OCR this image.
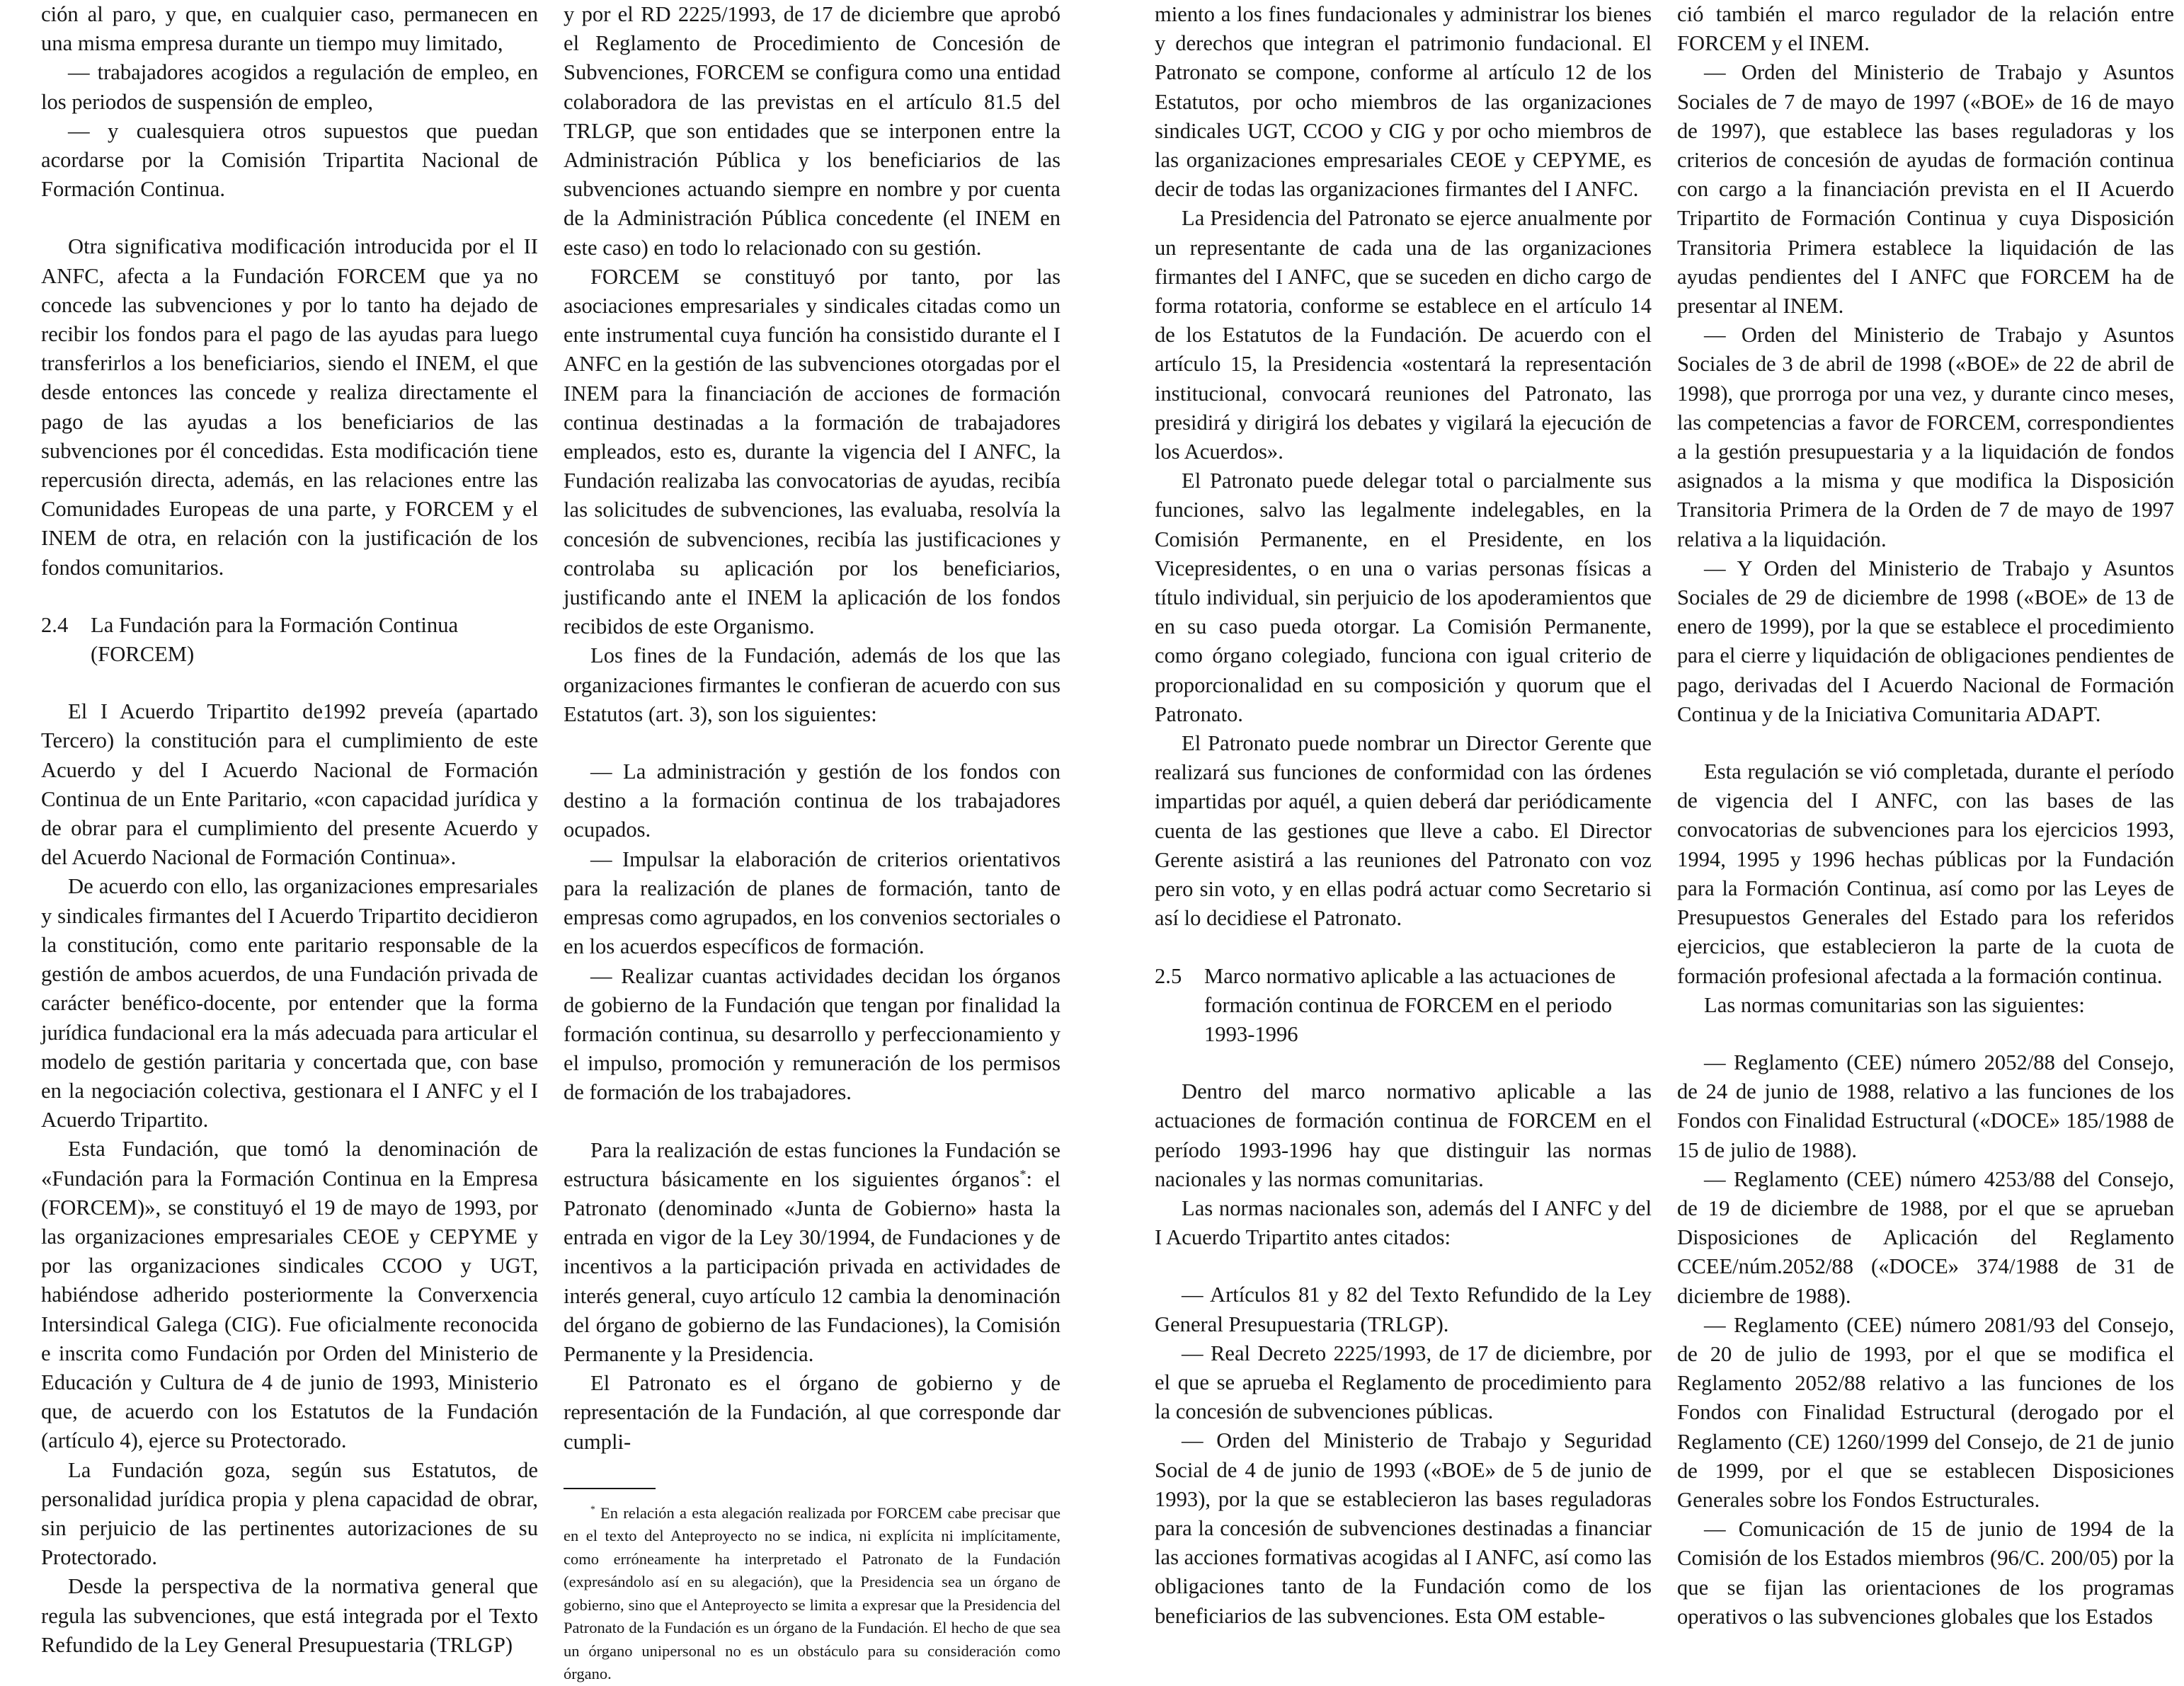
ción al paro, y que, en cualquier caso, permanecen en una misma empresa durante un tiempo muy limitado,

— trabajadores acogidos a regulación de empleo, en los periodos de suspensión de empleo,

— y cualesquiera otros supuestos que puedan acordarse por la Comisión Tripartita Nacional de Formación Continua.

Otra significativa modificación introducida por el II ANFC, afecta a la Fundación FORCEM que ya no concede las subvenciones y por lo tanto ha dejado de recibir los fondos para el pago de las ayudas para luego transferirlos a los beneficiarios, siendo el INEM, el que desde entonces las concede y realiza directamente el pago de las ayudas a los beneficiarios de las subvenciones por él concedidas. Esta modificación tiene repercusión directa, además, en las relaciones entre las Comunidades Europeas de una parte, y FORCEM y el INEM de otra, en relación con la justificación de los fondos comunitarios.

2.4	La Fundación para la Formación Continua (FORCEM)

El I Acuerdo Tripartito de1992 preveía (apartado Tercero) la constitución para el cumplimiento de este Acuerdo y del I Acuerdo Nacional de Formación Continua de un Ente Paritario, «con capacidad jurídica y de obrar para el cumplimiento del presente Acuerdo y del Acuerdo Nacional de Formación Continua».

De acuerdo con ello, las organizaciones empresariales y sindicales firmantes del I Acuerdo Tripartito decidieron la constitución, como ente paritario responsable de la gestión de ambos acuerdos, de una Fundación privada de carácter benéfico-docente, por entender que la forma jurídica fundacional era la más adecuada para articular el modelo de gestión paritaria y concertada que, con base en la negociación colectiva, gestionara el I ANFC y el I Acuerdo Tripartito.

Esta Fundación, que tomó la denominación de «Fundación para la Formación Continua en la Empresa (FORCEM)», se constituyó el 19 de mayo de 1993, por las organizaciones empresariales CEOE y CEPYME y por las organizaciones sindicales CCOO y UGT, habiéndose adherido posteriormente la Converxencia Intersindical Galega (CIG). Fue oficialmente reconocida e inscrita como Fundación por Orden del Ministerio de Educación y Cultura de 4 de junio de 1993, Ministerio que, de acuerdo con los Estatutos de la Fundación (artículo 4), ejerce su Protectorado.

La Fundación goza, según sus Estatutos, de personalidad jurídica propia y plena capacidad de obrar, sin perjuicio de las pertinentes autorizaciones de su Protectorado.

Desde la perspectiva de la normativa general que regula las subvenciones, que está integrada por el Texto Refundido de la Ley General Presupuestaria (TRLGP)

y por el RD 2225/1993, de 17 de diciembre que aprobó el Reglamento de Procedimiento de Concesión de Subvenciones, FORCEM se configura como una entidad colaboradora de las previstas en el artículo 81.5 del TRLGP, que son entidades que se interponen entre la Administración Pública y los beneficiarios de las subvenciones actuando siempre en nombre y por cuenta de la Administración Pública concedente (el INEM en este caso) en todo lo relacionado con su gestión.

FORCEM se constituyó por tanto, por las asociaciones empresariales y sindicales citadas como un ente instrumental cuya función ha consistido durante el I ANFC en la gestión de las subvenciones otorgadas por el INEM para la financiación de acciones de formación continua destinadas a la formación de trabajadores empleados, esto es, durante la vigencia del I ANFC, la Fundación realizaba las convocatorias de ayudas, recibía las solicitudes de subvenciones, las evaluaba, resolvía la concesión de subvenciones, recibía las justificaciones y controlaba su aplicación por los beneficiarios, justificando ante el INEM la aplicación de los fondos recibidos de este Organismo.

Los fines de la Fundación, además de los que las organizaciones firmantes le confieran de acuerdo con sus Estatutos (art. 3), son los siguientes:

— La administración y gestión de los fondos con destino a la formación continua de los trabajadores ocupados.

— Impulsar la elaboración de criterios orientativos para la realización de planes de formación, tanto de empresas como agrupados, en los convenios sectoriales o en los acuerdos específicos de formación.

— Realizar cuantas actividades decidan los órganos de gobierno de la Fundación que tengan por finalidad la formación continua, su desarrollo y perfeccionamiento y el impulso, promoción y remuneración de los permisos de formación de los trabajadores.

Para la realización de estas funciones la Fundación se estructura básicamente en los siguientes órganos*: el Patronato (denominado «Junta de Gobierno» hasta la entrada en vigor de la Ley 30/1994, de Fundaciones y de incentivos a la participación privada en actividades de interés general, cuyo artículo 12 cambia la denominación del órgano de gobierno de las Fundaciones), la Comisión Permanente y la Presidencia.

El Patronato es el órgano de gobierno y de representación de la Fundación, al que corresponde dar cumpli-

* En relación a esta alegación realizada por FORCEM cabe precisar que en el texto del Anteproyecto no se indica, ni explícita ni implícitamente, como erróneamente ha interpretado el Patronato de la Fundación (expresándolo así en su alegación), que la Presidencia sea un órgano de gobierno, sino que el Anteproyecto se limita a expresar que la Presidencia del Patronato de la Fundación es un órgano de la Fundación. El hecho de que sea un órgano unipersonal no es un obstáculo para su consideración como órgano.

miento a los fines fundacionales y administrar los bienes y derechos que integran el patrimonio fundacional. El Patronato se compone, conforme al artículo 12 de los Estatutos, por ocho miembros de las organizaciones sindicales UGT, CCOO y CIG y por ocho miembros de las organizaciones empresariales CEOE y CEPYME, es decir de todas las organizaciones firmantes del I ANFC.

La Presidencia del Patronato se ejerce anualmente por un representante de cada una de las organizaciones firmantes del I ANFC, que se suceden en dicho cargo de forma rotatoria, conforme se establece en el artículo 14 de los Estatutos de la Fundación. De acuerdo con el artículo 15, la Presidencia «ostentará la representación institucional, convocará reuniones del Patronato, las presidirá y dirigirá los debates y vigilará la ejecución de los Acuerdos».

El Patronato puede delegar total o parcialmente sus funciones, salvo las legalmente indelegables, en la Comisión Permanente, en el Presidente, en los Vicepresidentes, o en una o varias personas físicas a título individual, sin perjuicio de los apoderamientos que en su caso pueda otorgar. La Comisión Permanente, como órgano colegiado, funciona con igual criterio de proporcionalidad en su composición y quorum que el Patronato.

El Patronato puede nombrar un Director Gerente que realizará sus funciones de conformidad con las órdenes impartidas por aquél, a quien deberá dar periódicamente cuenta de las gestiones que lleve a cabo. El Director Gerente asistirá a las reuniones del Patronato con voz pero sin voto, y en ellas podrá actuar como Secretario si así lo decidiese el Patronato.

2.5	Marco normativo aplicable a las actuaciones de formación continua de FORCEM en el periodo 1993-1996

Dentro del marco normativo aplicable a las actuaciones de formación continua de FORCEM en el período 1993-1996 hay que distinguir las normas nacionales y las normas comunitarias.

Las normas nacionales son, además del I ANFC y del I Acuerdo Tripartito antes citados:

— Artículos 81 y 82 del Texto Refundido de la Ley General Presupuestaria (TRLGP).

— Real Decreto 2225/1993, de 17 de diciembre, por el que se aprueba el Reglamento de procedimiento para la concesión de subvenciones públicas.

— Orden del Ministerio de Trabajo y Seguridad Social de 4 de junio de 1993 («BOE» de 5 de junio de 1993), por la que se establecieron las bases reguladoras para la concesión de subvenciones destinadas a financiar las acciones formativas acogidas al I ANFC, así como las obligaciones tanto de la Fundación como de los beneficiarios de las subvenciones. Esta OM estable-

ció también el marco regulador de la relación entre FORCEM y el INEM.

— Orden del Ministerio de Trabajo y Asuntos Sociales de 7 de mayo de 1997 («BOE» de 16 de mayo de 1997), que establece las bases reguladoras y los criterios de concesión de ayudas de formación continua con cargo a la financiación prevista en el II Acuerdo Tripartito de Formación Continua y cuya Disposición Transitoria Primera establece la liquidación de las ayudas pendientes del I ANFC que FORCEM ha de presentar al INEM.

— Orden del Ministerio de Trabajo y Asuntos Sociales de 3 de abril de 1998 («BOE» de 22 de abril de 1998), que prorroga por una vez, y durante cinco meses, las competencias a favor de FORCEM, correspondientes a la gestión presupuestaria y a la liquidación de fondos asignados a la misma y que modifica la Disposición Transitoria Primera de la Orden de 7 de mayo de 1997 relativa a la liquidación.

— Y Orden del Ministerio de Trabajo y Asuntos Sociales de 29 de diciembre de 1998 («BOE» de 13 de enero de 1999), por la que se establece el procedimiento para el cierre y liquidación de obligaciones pendientes de pago, derivadas del I Acuerdo Nacional de Formación Continua y de la Iniciativa Comunitaria ADAPT.

Esta regulación se vió completada, durante el período de vigencia del I ANFC, con las bases de las convocatorias de subvenciones para los ejercicios 1993, 1994, 1995 y 1996 hechas públicas por la Fundación para la Formación Continua, así como por las Leyes de Presupuestos Generales del Estado para los referidos ejercicios, que establecieron la parte de la cuota de formación profesional afectada a la formación continua.

Las normas comunitarias son las siguientes:

— Reglamento (CEE) número 2052/88 del Consejo, de 24 de junio de 1988, relativo a las funciones de los Fondos con Finalidad Estructural («DOCE» 185/1988 de 15 de julio de 1988).

— Reglamento (CEE) número 4253/88 del Consejo, de 19 de diciembre de 1988, por el que se aprueban Disposiciones de Aplicación del Reglamento CCEE/núm.2052/88 («DOCE» 374/1988 de 31 de diciembre de 1988).

— Reglamento (CEE) número 2081/93 del Consejo, de 20 de julio de 1993, por el que se modifica el Reglamento 2052/88 relativo a las funciones de los Fondos con Finalidad Estructural (derogado por el Reglamento (CE) 1260/1999 del Consejo, de 21 de junio de 1999, por el que se establecen Disposiciones Generales sobre los Fondos Estructurales.

— Comunicación de 15 de junio de 1994 de la Comisión de los Estados miembros (96/C. 200/05) por la que se fijan las orientaciones de los programas operativos o las subvenciones globales que los Estados
